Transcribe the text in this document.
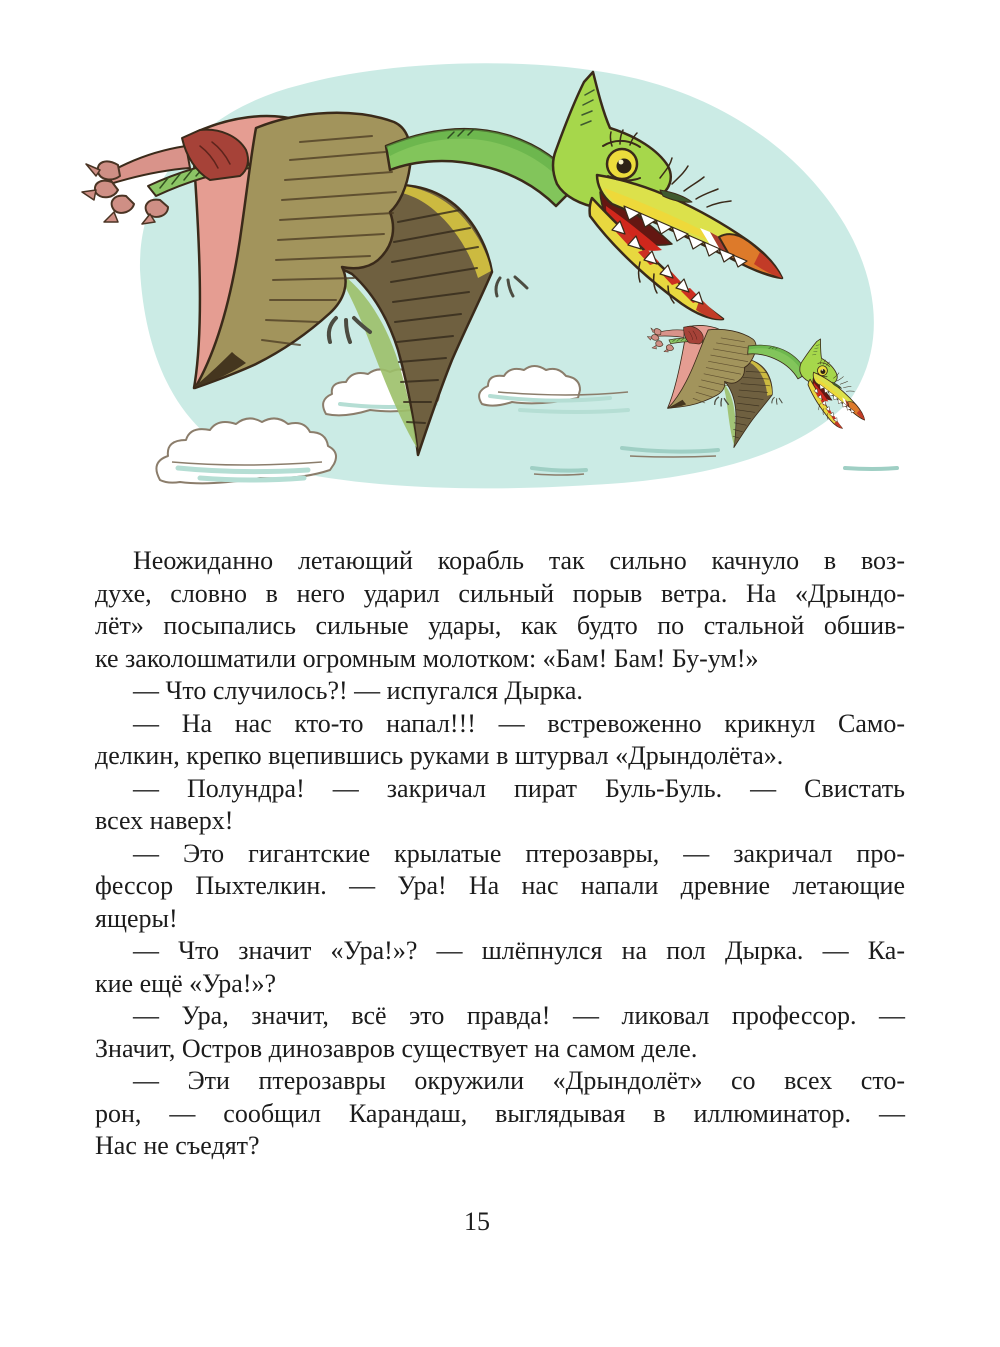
Неожиданно летающий корабль так сильно качнуло в воз-
духе, словно в него ударил сильный порыв ветра. На «Дрындо-
лёт» посыпались сильные удары, как будто по стальной обшив-
ке заколошматили огромным молотком: «Бам! Бам! Бу-ум!»
— Что случилось?! — испугался Дырка.
— На нас кто-то напал!!! — встревоженно крикнул Само-
делкин, крепко вцепившись руками в штурвал «Дрындолёта».
— Полундра! — закричал пират Буль-Буль. — Свистать
всех наверх!
— Это гигантские крылатые птерозавры, — закричал про-
фессор Пыхтелкин. — Ура! На нас напали древние летающие
ящеры!
— Что значит «Ура!»? — шлёпнулся на пол Дырка. — Ка-
кие ещё «Ура!»?
— Ура, значит, всё это правда! — ликовал профессор. —
Значит, Остров динозавров существует на самом деле.
— Эти птерозавры окружили «Дрындолёт» со всех сто-
рон, — сообщил Карандаш, выглядывая в иллюминатор. —
Нас не съедят?
15
